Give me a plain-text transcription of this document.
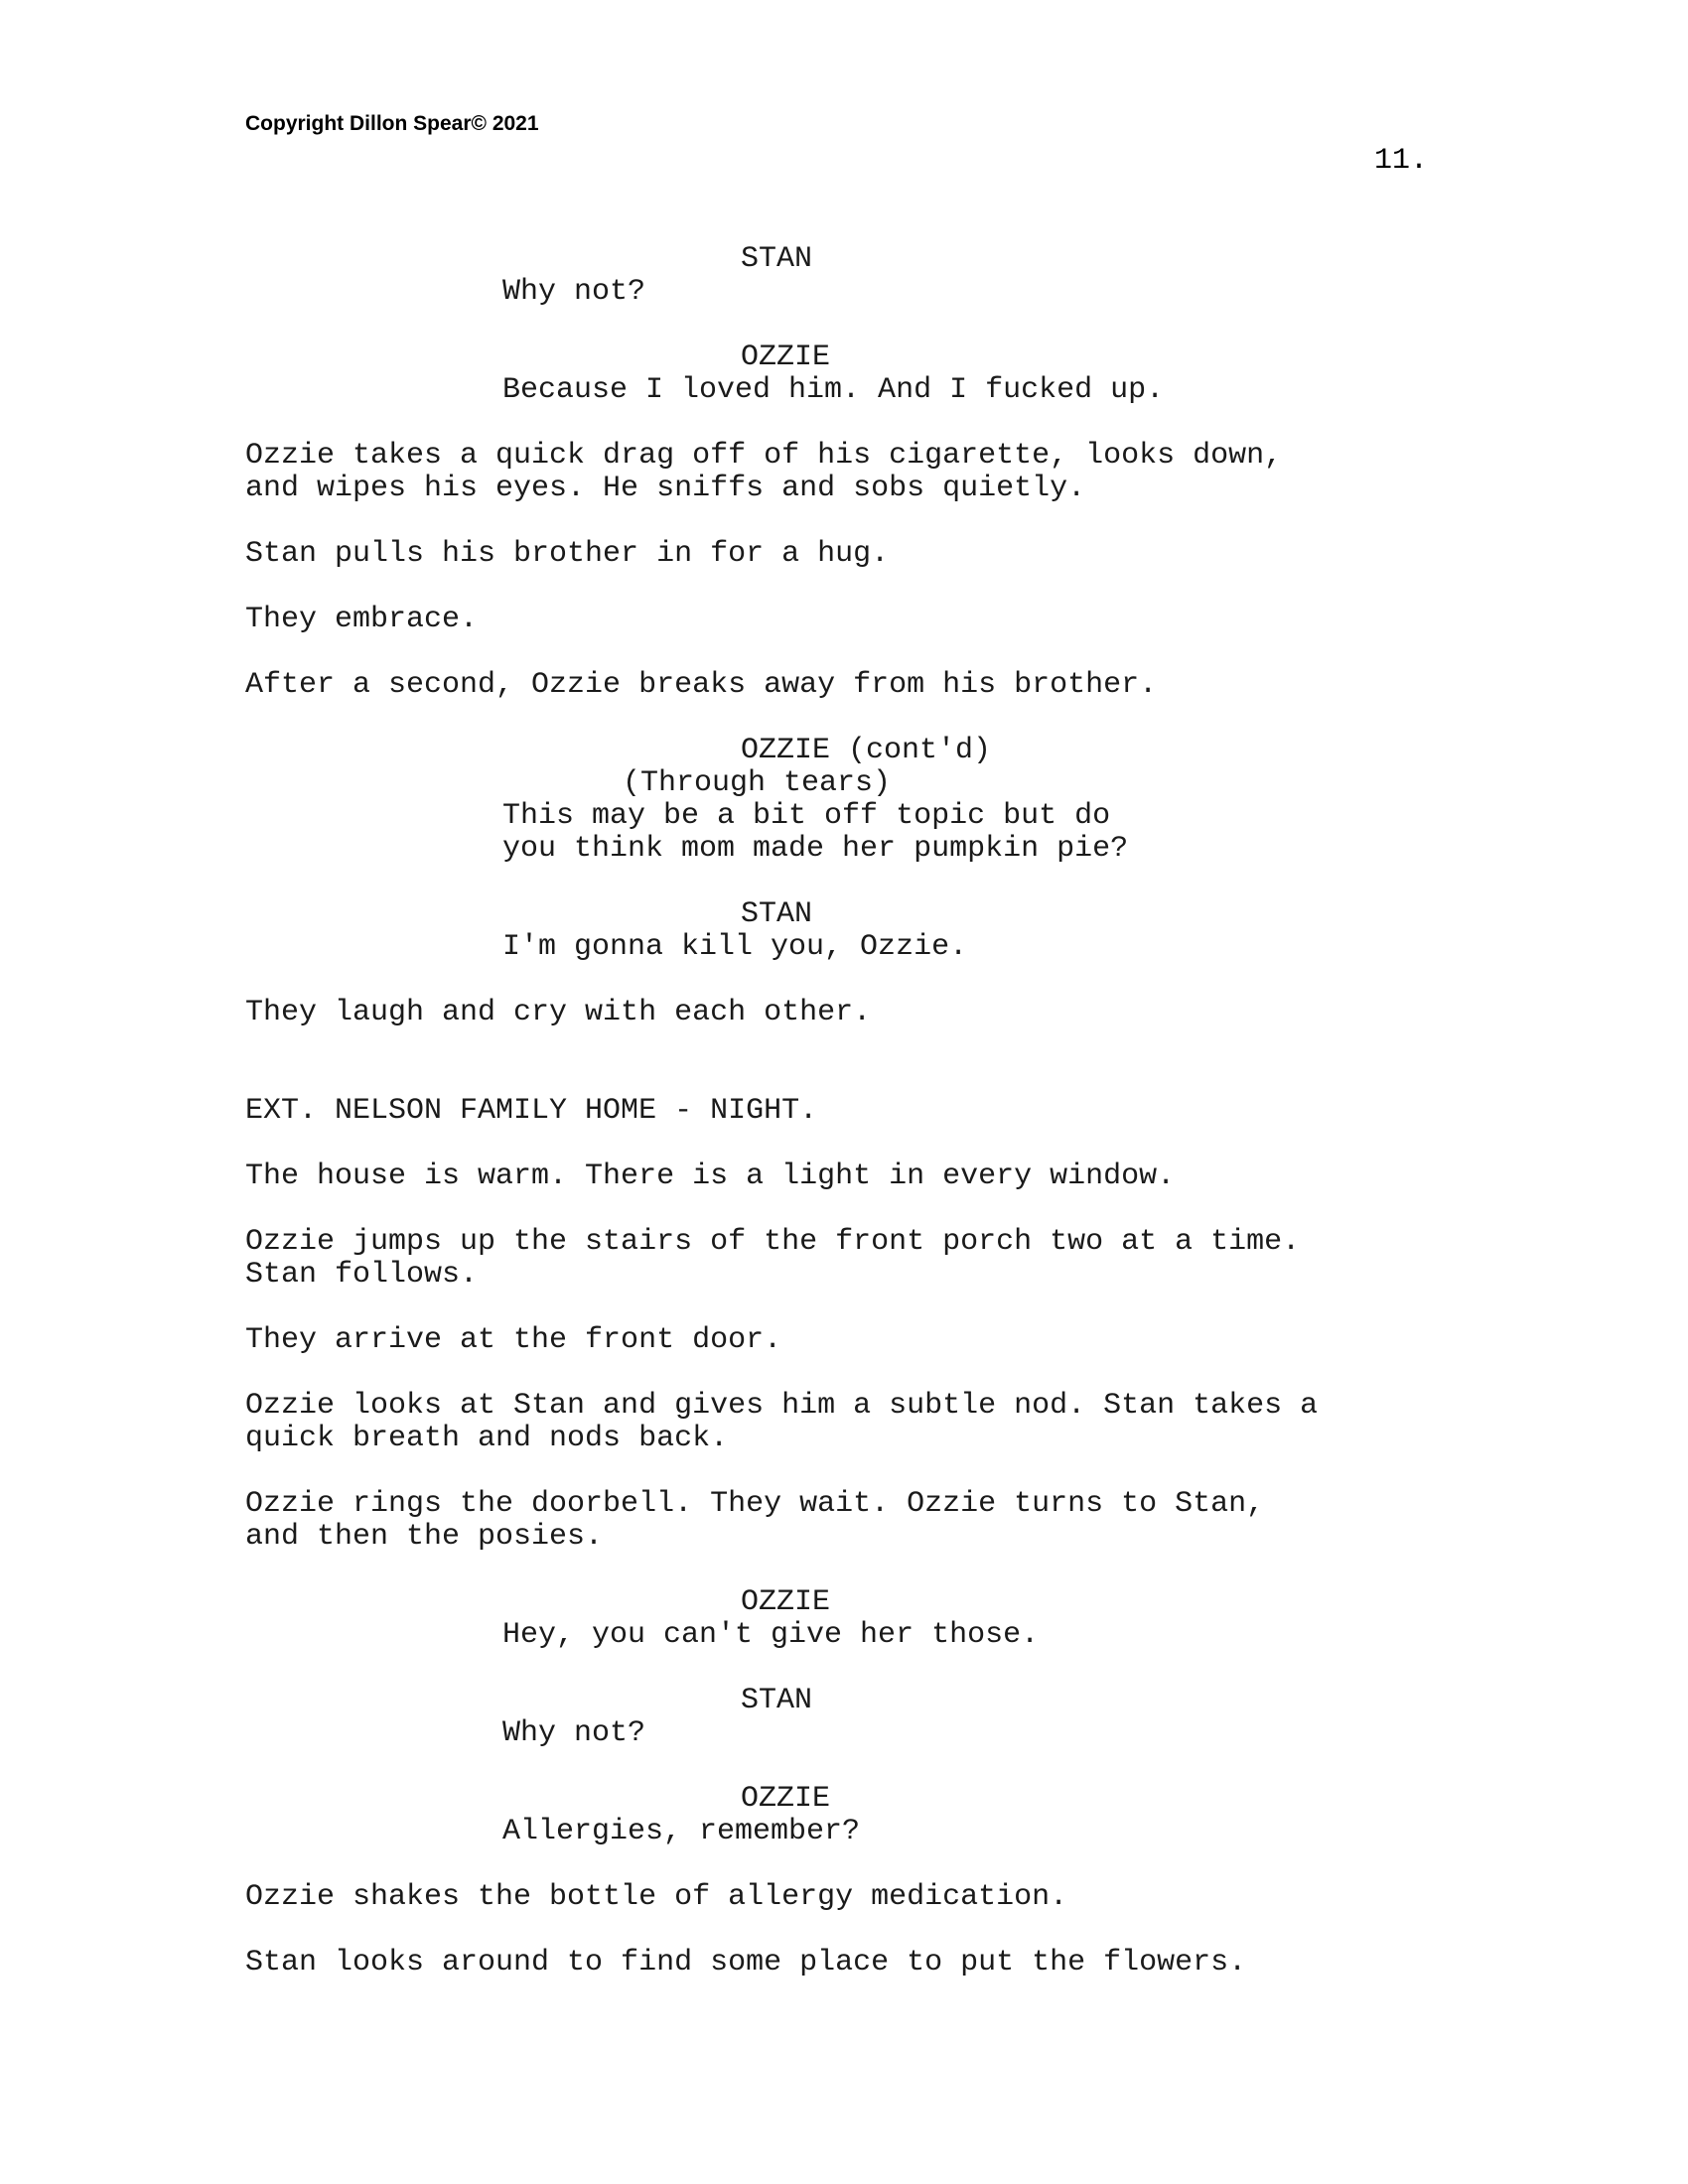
Copyright Dillon Spear© 2021
11.
STAN
Why not?
OZZIE
Because I loved him. And I fucked up.
Ozzie takes a quick drag off of his cigarette, looks down,
and wipes his eyes. He sniffs and sobs quietly.
Stan pulls his brother in for a hug.
They embrace.
After a second, Ozzie breaks away from his brother.
OZZIE (cont'd)
(Through tears)
This may be a bit off topic but do
you think mom made her pumpkin pie?
STAN
I'm gonna kill you, Ozzie.
They laugh and cry with each other.
EXT. NELSON FAMILY HOME - NIGHT.
The house is warm. There is a light in every window.
Ozzie jumps up the stairs of the front porch two at a time.
Stan follows.
They arrive at the front door.
Ozzie looks at Stan and gives him a subtle nod. Stan takes a
quick breath and nods back.
Ozzie rings the doorbell. They wait. Ozzie turns to Stan,
and then the posies.
OZZIE
Hey, you can't give her those.
STAN
Why not?
OZZIE
Allergies, remember?
Ozzie shakes the bottle of allergy medication.
Stan looks around to find some place to put the flowers.
